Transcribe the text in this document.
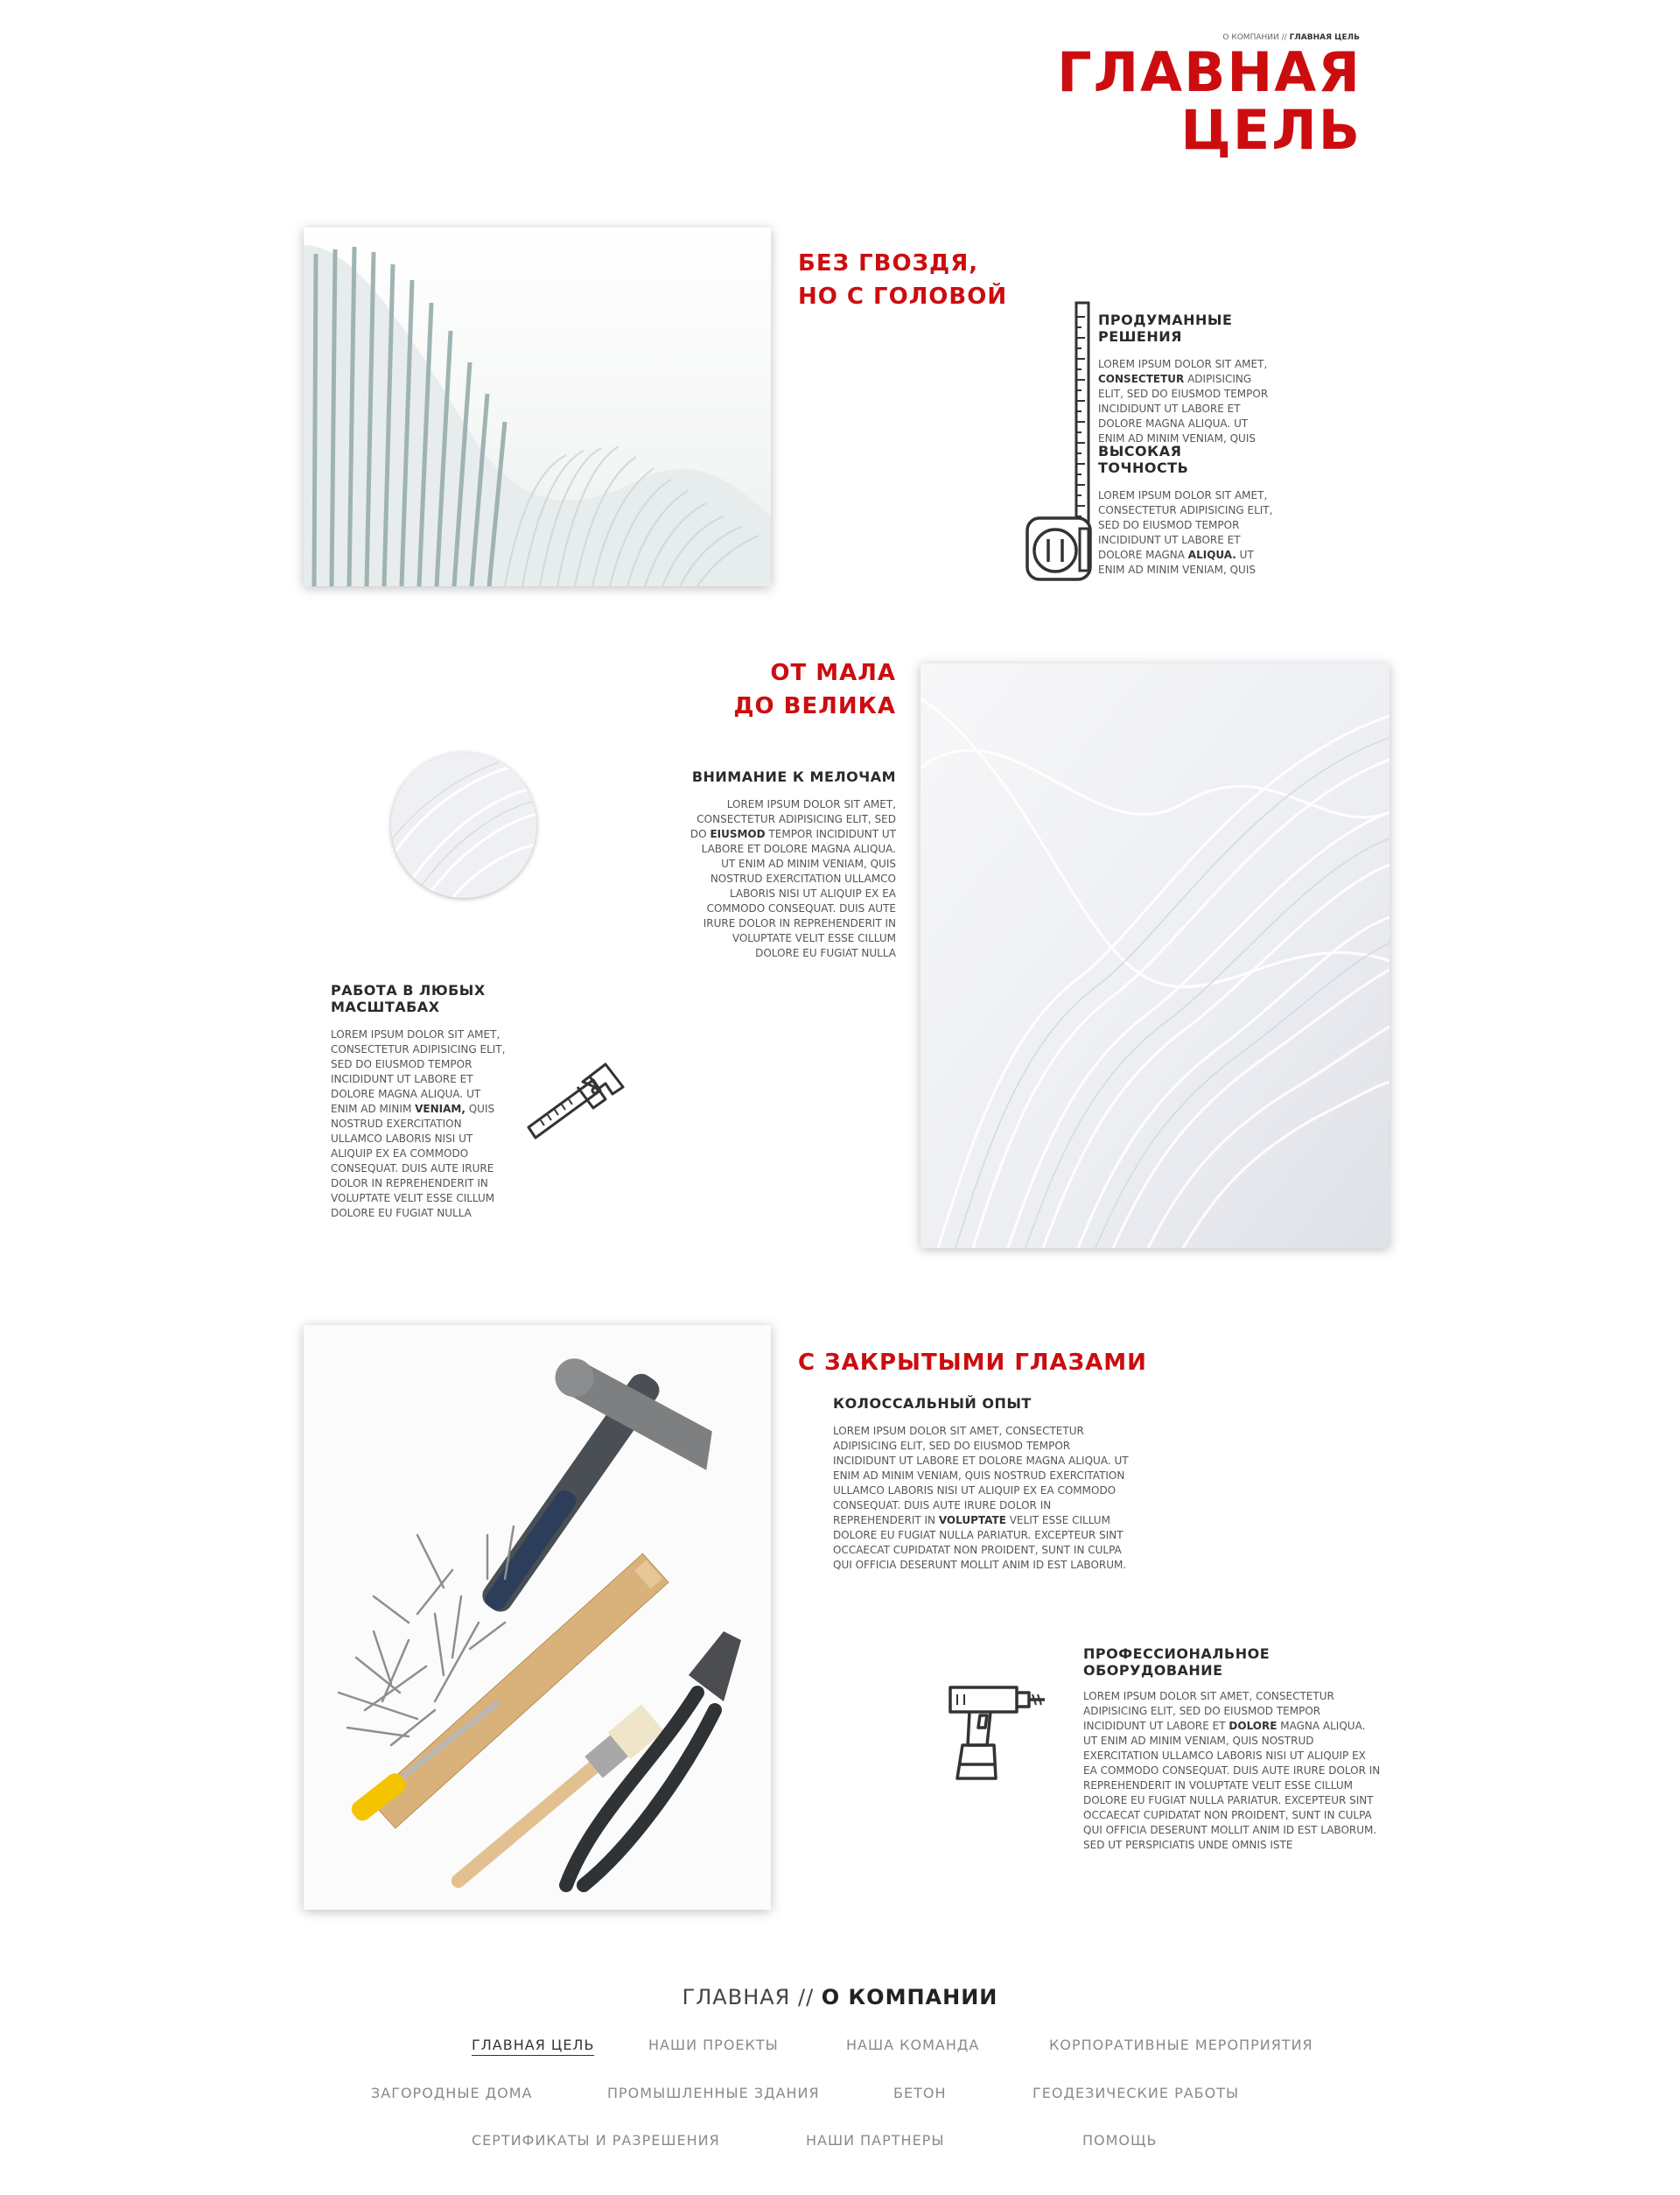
О КОМПАНИИ // ГЛАВНАЯ ЦЕЛЬ
ГЛАВНАЯ
ЦЕЛЬ
БЕЗ ГВОЗДЯ,
НО С ГОЛОВОЙ
ПРОДУМАННЫЕ РЕШЕНИЯ

LOREM IPSUM DOLOR SIT AMET, CONSECTETUR ADIPISICING ELIT, SED DO EIUSMOD TEMPOR INCIDIDUNT UT LABORE ET DOLORE MAGNA ALIQUA. UT ENIM AD MINIM VENIAM, QUIS

ВЫСОКАЯ ТОЧНОСТЬ

LOREM IPSUM DOLOR SIT AMET, CONSECTETUR ADIPISICING ELIT, SED DO EIUSMOD TEMPOR INCIDIDUNT UT LABORE ET DOLORE MAGNA ALIQUA. UT ENIM AD MINIM VENIAM, QUIS

ОТ МАЛА
ДО ВЕЛИКА
ВНИМАНИЕ К МЕЛОЧАМ

LOREM IPSUM DOLOR SIT AMET, CONSECTETUR ADIPISICING ELIT, SED DO EIUSMOD TEMPOR INCIDIDUNT UT LABORE ET DOLORE MAGNA ALIQUA. UT ENIM AD MINIM VENIAM, QUIS NOSTRUD EXERCITATION ULLAMCO LABORIS NISI UT ALIQUIP EX EA COMMODO CONSEQUAT. DUIS AUTE IRURE DOLOR IN REPREHENDERIT IN VOLUPTATE VELIT ESSE CILLUM DOLORE EU FUGIAT NULLA

РАБОТА В ЛЮБЫХ МАСШТАБАХ

LOREM IPSUM DOLOR SIT AMET, CONSECTETUR ADIPISICING ELIT, SED DO EIUSMOD TEMPOR INCIDIDUNT UT LABORE ET DOLORE MAGNA ALIQUA. UT ENIM AD MINIM VENIAM, QUIS NOSTRUD EXERCITATION ULLAMCO LABORIS NISI UT ALIQUIP EX EA COMMODO CONSEQUAT. DUIS AUTE IRURE DOLOR IN REPREHENDERIT IN VOLUPTATE VELIT ESSE CILLUM DOLORE EU FUGIAT NULLA

С ЗАКРЫТЫМИ ГЛАЗАМИ
КОЛОССАЛЬНЫЙ ОПЫТ

LOREM IPSUM DOLOR SIT AMET, CONSECTETUR ADIPISICING ELIT, SED DO EIUSMOD TEMPOR INCIDIDUNT UT LABORE ET DOLORE MAGNA ALIQUA. UT ENIM AD MINIM VENIAM, QUIS NOSTRUD EXERCITATION ULLAMCO LABORIS NISI UT ALIQUIP EX EA COMMODO CONSEQUAT. DUIS AUTE IRURE DOLOR IN REPREHENDERIT IN VOLUPTATE VELIT ESSE CILLUM DOLORE EU FUGIAT NULLA PARIATUR. EXCEPTEUR SINT OCCAECAT CUPIDATAT NON PROIDENT, SUNT IN CULPA QUI OFFICIA DESERUNT MOLLIT ANIM ID EST LABORUM.

ПРОФЕССИОНАЛЬНОЕ ОБОРУДОВАНИЕ

LOREM IPSUM DOLOR SIT AMET, CONSECTETUR ADIPISICING ELIT, SED DO EIUSMOD TEMPOR INCIDIDUNT UT LABORE ET DOLORE MAGNA ALIQUA. UT ENIM AD MINIM VENIAM, QUIS NOSTRUD EXERCITATION ULLAMCO LABORIS NISI UT ALIQUIP EX EA COMMODO CONSEQUAT. DUIS AUTE IRURE DOLOR IN REPREHENDERIT IN VOLUPTATE VELIT ESSE CILLUM DOLORE EU FUGIAT NULLA PARIATUR. EXCEPTEUR SINT OCCAECAT CUPIDATAT NON PROIDENT, SUNT IN CULPA QUI OFFICIA DESERUNT MOLLIT ANIM ID EST LABORUM. SED UT PERSPICIATIS UNDE OMNIS ISTE

ГЛАВНАЯ // О КОМПАНИИ
ГЛАВНАЯ ЦЕЛЬ	НАШИ ПРОЕКТЫ	НАША КОМАНДА	КОРПОРАТИВНЫЕ МЕРОПРИЯТИЯ
ЗАГОРОДНЫЕ ДОМА	ПРОМЫШЛЕННЫЕ ЗДАНИЯ	БЕТОН	ГЕОДЕЗИЧЕСКИЕ РАБОТЫ
СЕРТИФИКАТЫ И РАЗРЕШЕНИЯ	НАШИ ПАРТНЕРЫ	ПОМОЩЬ
